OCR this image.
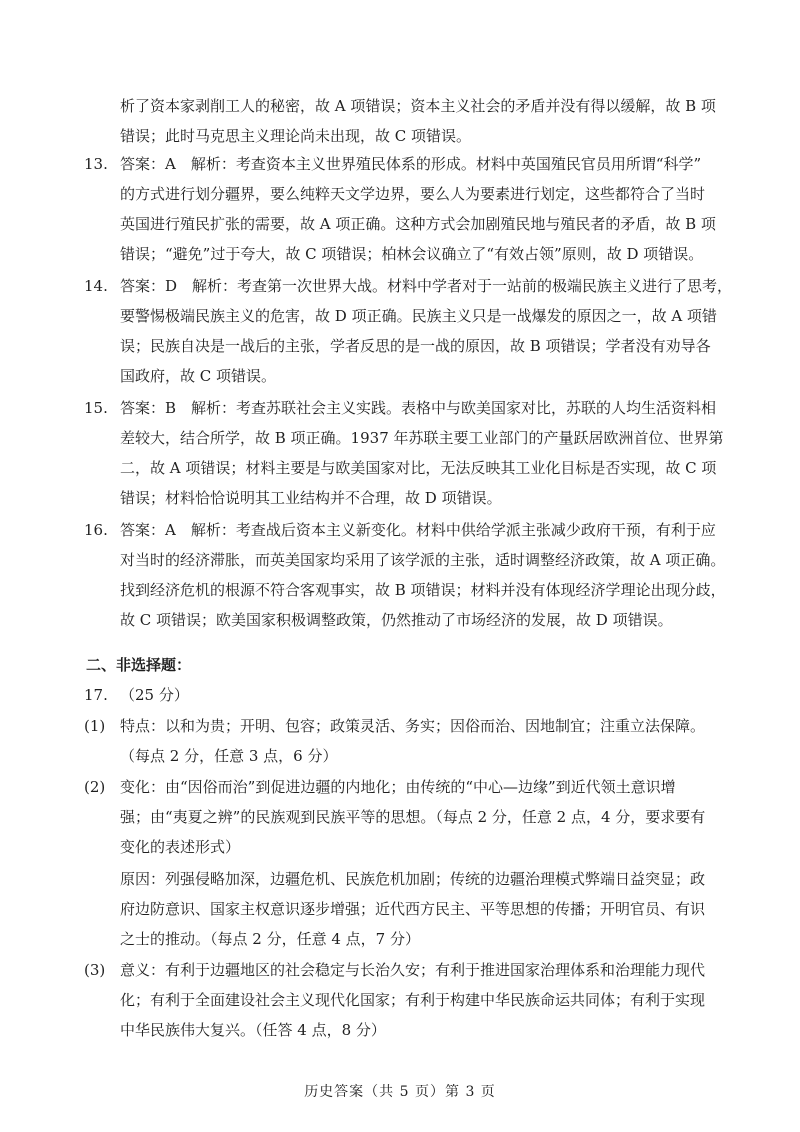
析了资本家剥削工人的秘密，故 A 项错误；资本主义社会的矛盾并没有得以缓解，故 B 项
错误；此时马克思主义理论尚未出现，故 C 项错误。
13. 答案：A　解析：考查资本主义世界殖民体系的形成。材料中英国殖民官员用所谓“科学”
的方式进行划分疆界，要么纯粹天文学边界，要么人为要素进行划定，这些都符合了当时
英国进行殖民扩张的需要，故 A 项正确。这种方式会加剧殖民地与殖民者的矛盾，故 B 项
错误；“避免”过于夸大，故 C 项错误；柏林会议确立了“有效占领”原则，故 D 项错误。
14. 答案：D　解析：考查第一次世界大战。材料中学者对于一站前的极端民族主义进行了思考，
要警惕极端民族主义的危害，故 D 项正确。民族主义只是一战爆发的原因之一，故 A 项错
误；民族自决是一战后的主张，学者反思的是一战的原因，故 B 项错误；学者没有劝导各
国政府，故 C 项错误。
15. 答案：B　解析：考查苏联社会主义实践。表格中与欧美国家对比，苏联的人均生活资料相
差较大，结合所学，故 B 项正确。1937 年苏联主要工业部门的产量跃居欧洲首位、世界第
二，故 A 项错误；材料主要是与欧美国家对比，无法反映其工业化目标是否实现，故 C 项
错误；材料恰恰说明其工业结构并不合理，故 D 项错误。
16. 答案：A　解析：考查战后资本主义新变化。材料中供给学派主张减少政府干预，有利于应
对当时的经济滞胀，而英美国家均采用了该学派的主张，适时调整经济政策，故 A 项正确。
找到经济危机的根源不符合客观事实，故 B 项错误；材料并没有体现经济学理论出现分歧，
故 C 项错误；欧美国家积极调整政策，仍然推动了市场经济的发展，故 D 项错误。
二、非选择题：
17. （25 分）
(1) 特点：以和为贵；开明、包容；政策灵活、务实；因俗而治、因地制宜；注重立法保障。
（每点 2 分，任意 3 点，6 分）
(2) 变化：由“因俗而治”到促进边疆的内地化；由传统的“中心—边缘”到近代领土意识增
强；由“夷夏之辨”的民族观到民族平等的思想。（每点 2 分，任意 2 点，4 分，要求要有
变化的表述形式）
原因：列强侵略加深，边疆危机、民族危机加剧；传统的边疆治理模式弊端日益突显；政
府边防意识、国家主权意识逐步增强；近代西方民主、平等思想的传播；开明官员、有识
之士的推动。（每点 2 分，任意 4 点，7 分）
(3) 意义：有利于边疆地区的社会稳定与长治久安；有利于推进国家治理体系和治理能力现代
化；有利于全面建设社会主义现代化国家；有利于构建中华民族命运共同体；有利于实现
中华民族伟大复兴。（任答 4 点，8 分）
历史答案（共 5 页）第 3 页
